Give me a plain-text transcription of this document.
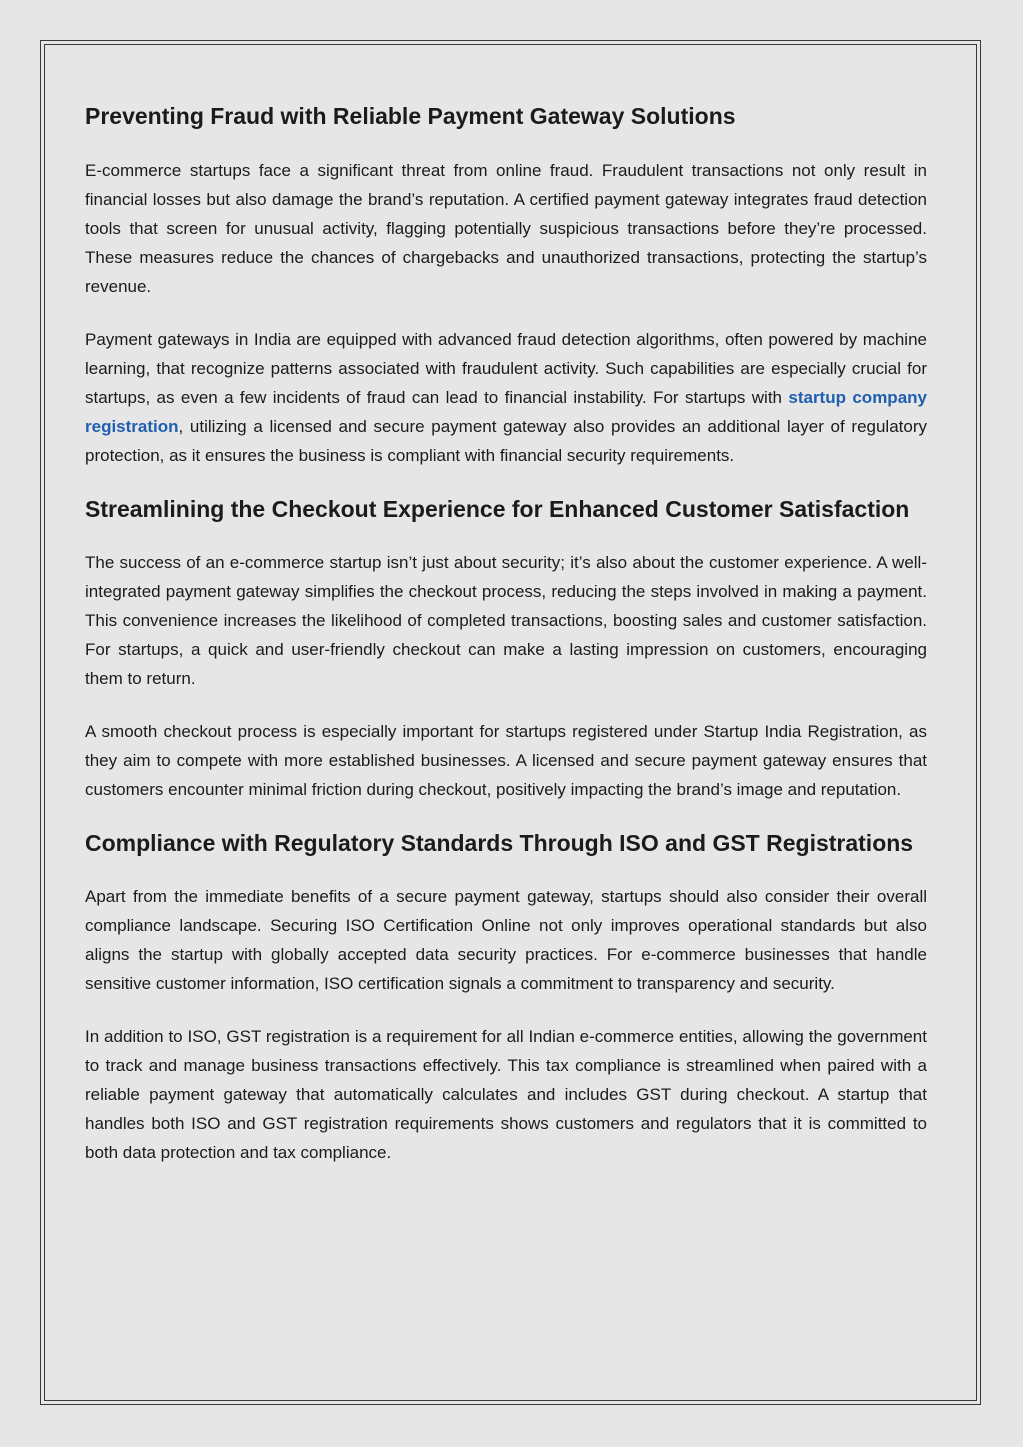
Preventing Fraud with Reliable Payment Gateway Solutions

E-commerce startups face a significant threat from online fraud. Fraudulent transactions not only result in financial losses but also damage the brand’s reputation. A certified payment gateway integrates fraud detection tools that screen for unusual activity, flagging potentially suspicious transactions before they’re processed. These measures reduce the chances of chargebacks and unauthorized transactions, protecting the startup’s revenue.

Payment gateways in India are equipped with advanced fraud detection algorithms, often powered by machine learning, that recognize patterns associated with fraudulent activity. Such capabilities are especially crucial for startups, as even a few incidents of fraud can lead to financial instability. For startups with startup company registration, utilizing a licensed and secure payment gateway also provides an additional layer of regulatory protection, as it ensures the business is compliant with financial security requirements.

Streamlining the Checkout Experience for Enhanced Customer Satisfaction

The success of an e-commerce startup isn’t just about security; it’s also about the customer experience. A well-integrated payment gateway simplifies the checkout process, reducing the steps involved in making a payment. This convenience increases the likelihood of completed transactions, boosting sales and customer satisfaction. For startups, a quick and user-friendly checkout can make a lasting impression on customers, encouraging them to return.

A smooth checkout process is especially important for startups registered under Startup India Registration, as they aim to compete with more established businesses. A licensed and secure payment gateway ensures that customers encounter minimal friction during checkout, positively impacting the brand’s image and reputation.

Compliance with Regulatory Standards Through ISO and GST Registrations

Apart from the immediate benefits of a secure payment gateway, startups should also consider their overall compliance landscape. Securing ISO Certification Online not only improves operational standards but also aligns the startup with globally accepted data security practices. For e-commerce businesses that handle sensitive customer information, ISO certification signals a commitment to transparency and security.

In addition to ISO, GST registration is a requirement for all Indian e-commerce entities, allowing the government to track and manage business transactions effectively. This tax compliance is streamlined when paired with a reliable payment gateway that automatically calculates and includes GST during checkout. A startup that handles both ISO and GST registration requirements shows customers and regulators that it is committed to both data protection and tax compliance.
